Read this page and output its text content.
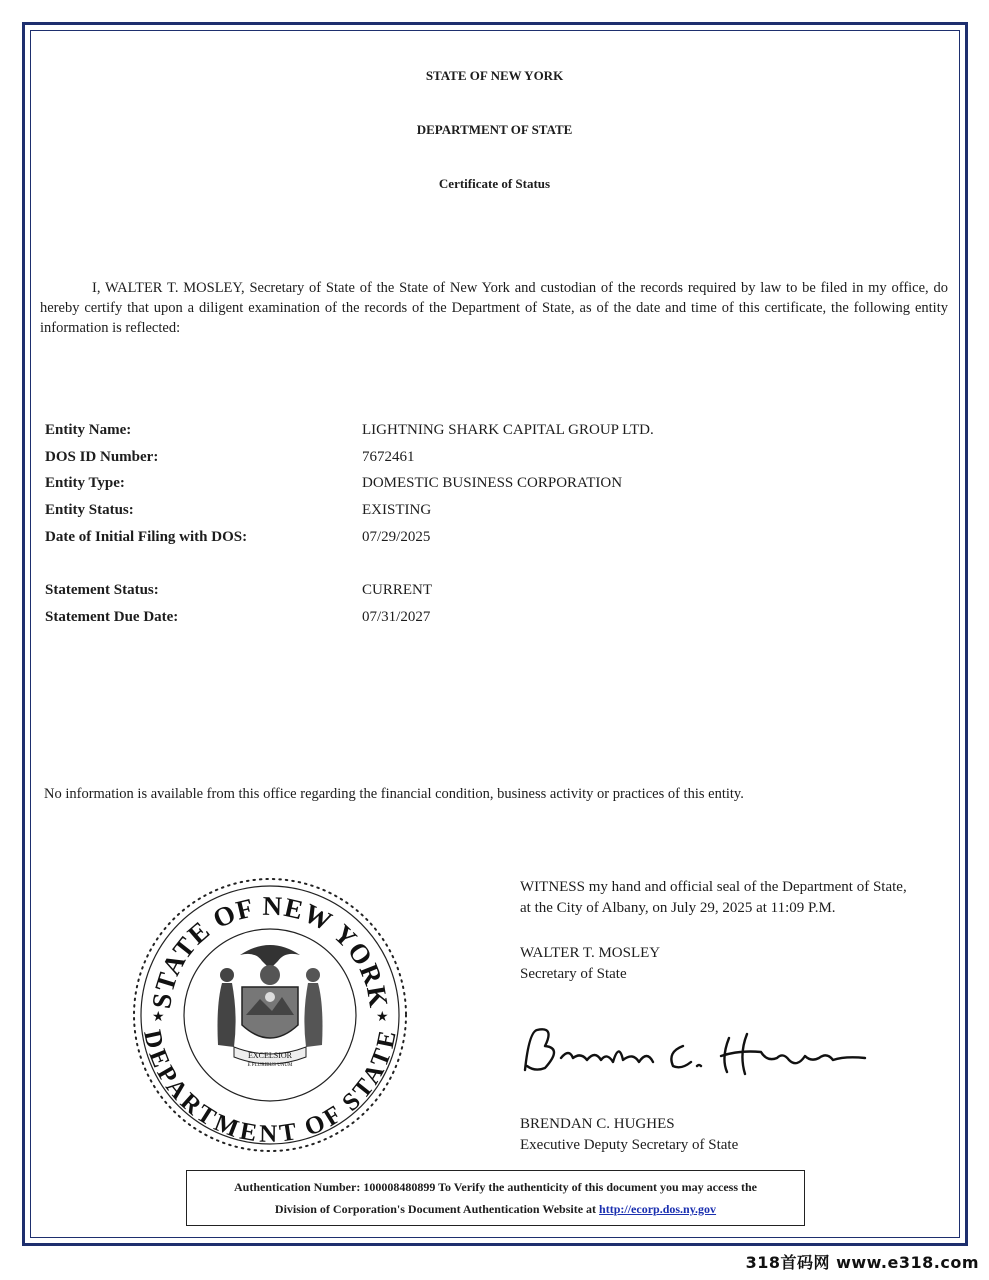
STATE OF NEW YORK
DEPARTMENT OF STATE
Certificate of Status
I, WALTER T. MOSLEY, Secretary of State of the State of New York and custodian of the records required by law to be filed in my office, do hereby certify that upon a diligent examination of the records of the Department of State, as of the date and time of this certificate, the following entity information is reflected:
Entity Name:	LIGHTNING SHARK CAPITAL GROUP LTD.
DOS ID Number:	7672461
Entity Type:	DOMESTIC BUSINESS CORPORATION
Entity Status:	EXISTING
Date of Initial Filing with DOS:	07/29/2025
Statement Status:	CURRENT
Statement Due Date:	07/31/2027
No information is available from this office regarding the financial condition, business activity or practices of this entity.
STATE OF NEW YORK
DEPARTMENT OF STATE
★	★
EXCELSIOR
E PLURIBUS UNUM
WITNESS my hand and official seal of the Department of State,
at the City of Albany, on July 29, 2025 at 11:09 P.M.
WALTER T. MOSLEY
Secretary of State
BRENDAN C. HUGHES
Executive Deputy Secretary of State
Authentication Number: 100008480899 To Verify the authenticity of this document you may access the
Division of Corporation's Document Authentication Website at http://ecorp.dos.ny.gov
318首码网 www.e318.com
